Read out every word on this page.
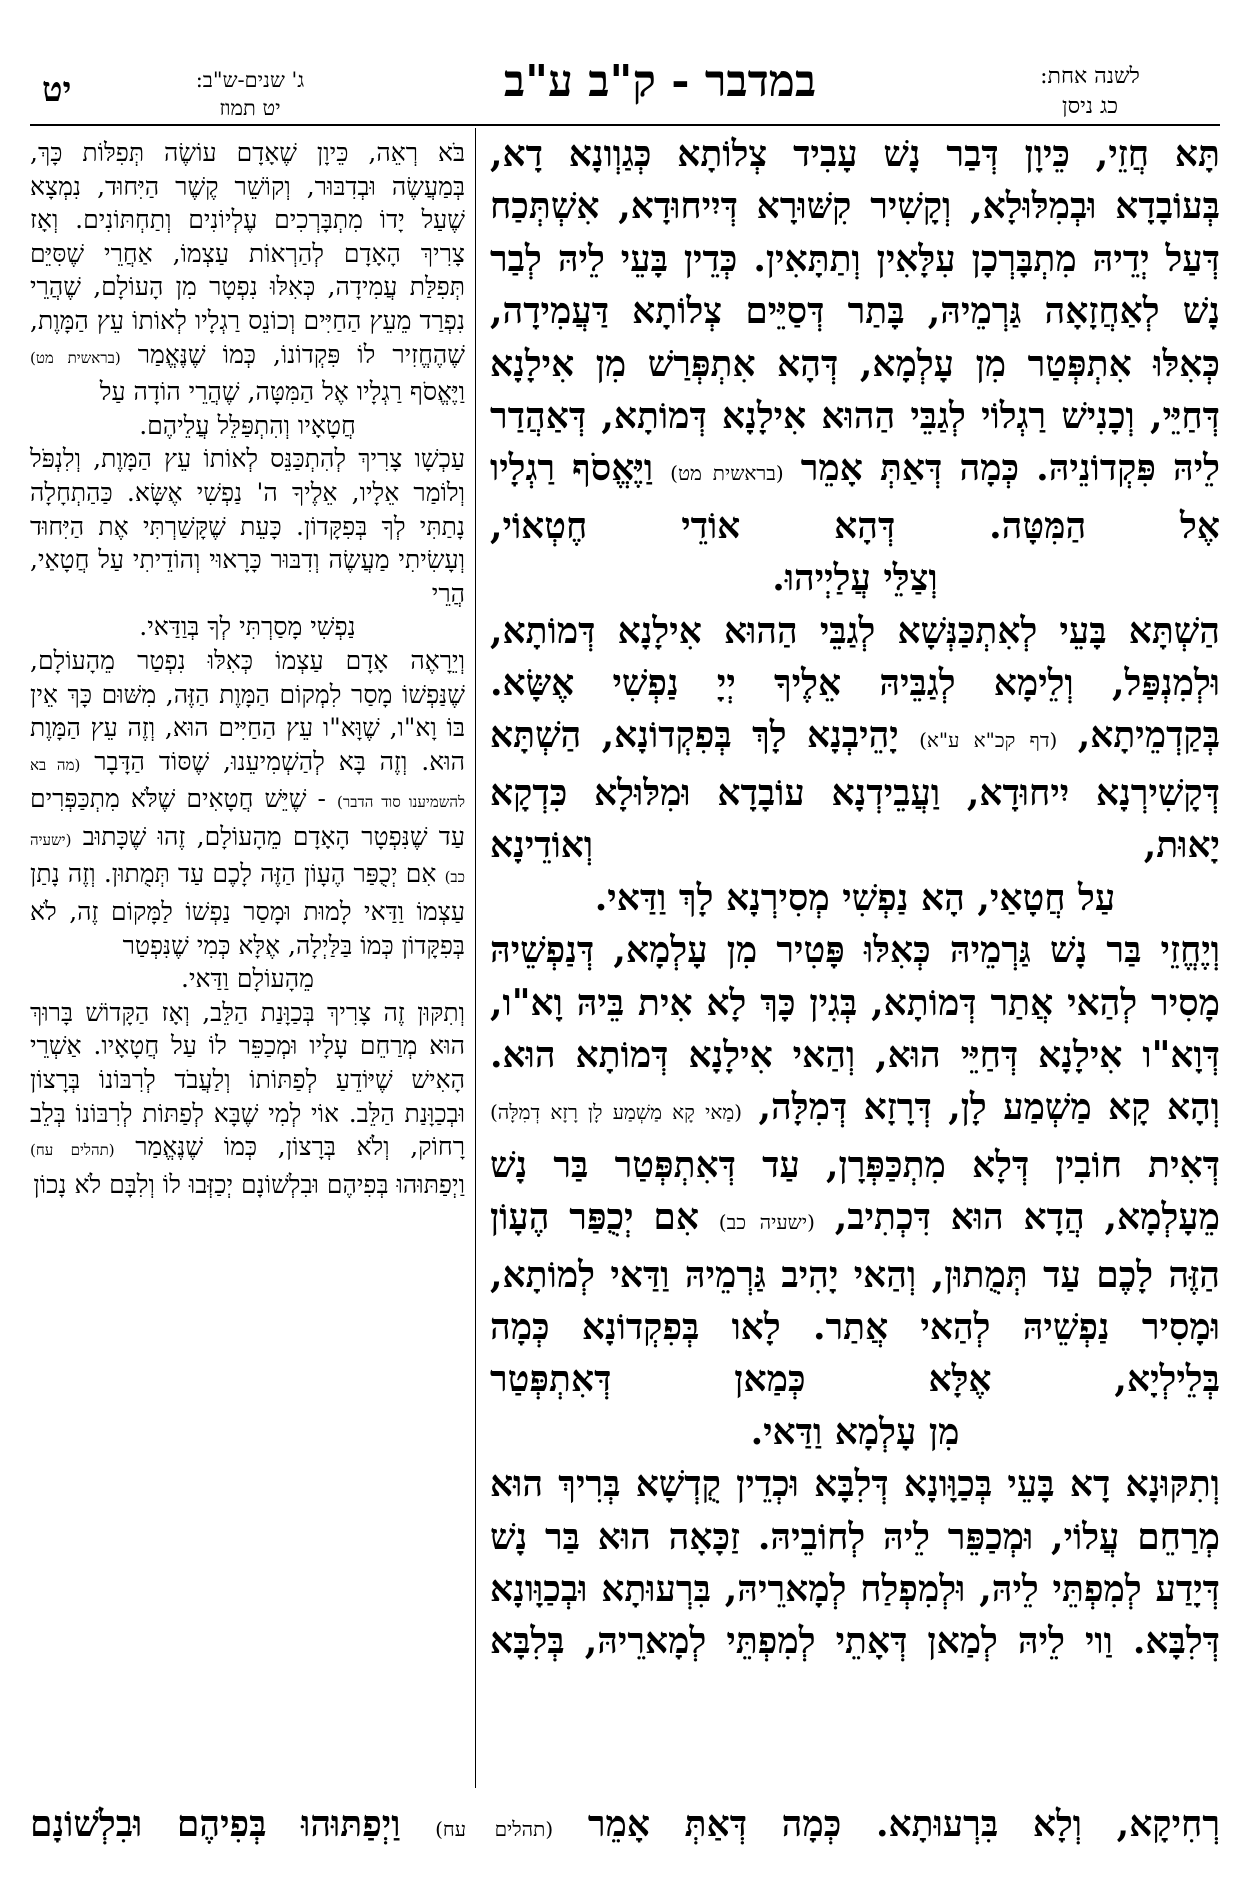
יט	ג' שנים-ש"ב:
יט תמוז
במדבר - ק"ב ע"ב	לשנה אחת:
כג ניסן

תָּא חֲזֵי, כֵּיוָן דְּבַר נָשׁ עָבִיד צְלוֹתָא כְּגַוְונָא דָא, בְּעוֹבָדָא וּבְמִלּוּלָא, וְקָשִׁיר קִשּׁוּרָא דְּיִיחוּדָא, אִשְׁתְּכַח דְּעַל יְדֵיהּ מִתְבָּרְכָן עִלָּאִין וְתַתָּאִין. כְּדֵין בָּעֵי לֵיהּ לְבַר נָשׁ לְאַחֲזָאָה גַּרְמֵיהּ, בָּתַר דְּסַיֵּים צְלוֹתָא דַּעֲמִידָה, כְּאִלּוּ אִתְפְּטַר מִן עָלְמָא, דְּהָא אִתְפְּרַשׁ מִן אִילָנָא דְּחַיֵּי, וְכָנִישׁ רַגְלוֹי לְגַבֵּי הַהוּא אִילָנָא דְּמוֹתָא, דְּאַהֲדַר לֵיהּ פִּקְדוֹנֵיהּ. כְּמָה דְּאַתְּ אָמֵר (בראשית מט) וַיֶּאֱסֹף רַגְלָיו אֶל הַמִּטָּה. דְּהָא אוֹדֵי חֶטְאוֹי,

וְצַלֵּי עֲלַיְיהוּ.

הַשְׁתָּא בָּעֵי לְאִתְכַּנְּשָׁא לְגַבֵּי הַהוּא אִילָנָא דְּמוֹתָא, וּלְמִנְפַּל, וְלֵימָא לְגַבֵּיהּ אֵלֶיךָ יְיָ נַפְשִׁי אֶשָּׂא. בְּקַדְמֵיתָא, (דף קכ"א ע"א) יָהֵיבְנָא לָךְ בְּפִקְדוֹנָא, הַשְׁתָּא דְּקָשִׁירְנָא יִיחוּדָא, וַעֲבֵידְנָא עוֹבָדָא וּמִלּוּלָא כִּדְקָא יָאוּת, וְאוֹדֵינָא

עַל חֲטָאַי, הָא נַפְשִׁי מְסִירְנָא לָךְ וַדַּאי.

וְיֶחֱזֵי בַּר נָשׁ גַּרְמֵיהּ כְּאִלּוּ פָּטִיר מִן עָלְמָא, דְּנַפְשֵׁיהּ מָסִיר לְהַאי אֲתַר דְּמוֹתָא, בְּגִין כָּךְ לָא אִית בֵּיהּ וָא"ו, דְּוָא"ו אִילָנָא דְּחַיֵּי הוּא, וְהַאי אִילָנָא דְּמוֹתָא הוּא. וְהָא קָא מַשְׁמַע לָן, דְּרָזָא דְּמִלָּה, (מַאי קָא מַשְׁמַע לָן רָזָא דְמִלָּה) דְּאִית חוֹבִין דְּלָא מִתְכַּפְּרָן, עַד דְּאִתְפְּטַר בַּר נָשׁ מֵעָלְמָא, הֲדָא הוּא דִּכְתִיב, (ישעיה כב) אִם יְכֻפַּר הֶעָוֹן הַזֶּה לָכֶם עַד תְּמֻתוּן, וְהַאי יָהִיב גַּרְמֵיהּ וַדַּאי לְמוֹתָא, וּמָסִיר נַפְשֵׁיהּ לְהַאי אֲתַר. לָאו בְּפִקְדוֹנָא כְּמָה בְּלֵילְיָא, אֶלָּא כְּמַאן דְּאִתְפְּטַר

מִן עָלְמָא וַדַּאי.

וְתִקּוּנָא דָא בָּעֵי בְּכַוָּונָא דְּלִבָּא וּכְדֵין קֻדְשָׁא בְּרִיךְ הוּא מְרַחֵם עֲלוֹי, וּמְכַפֵּר לֵיהּ לְחוֹבֵיהּ. זַכָּאָה הוּא בַּר נָשׁ דְּיָדַע לְמִפְתֵּי לֵיהּ, וּלְמִפְלַח לְמָארֵיהּ, בִּרְעוּתָא וּבְכַוָּונָא דְּלִבָּא. וַוי לֵיהּ לְמַאן דְּאָתֵי לְמִפְתֵּי לְמָארֵיהּ, בְּלִבָּא

בֹּא רְאֵה, כֵּיוָן שֶׁאָדָם עוֹשֶׂה תְּפִלּוֹת כָּךְ, בְּמַעֲשֶׂה וּבְדִבּוּר, וְקוֹשֵׁר קֶשֶׁר הַיִּחוּד, נִמְצָא שֶׁעַל יָדוֹ מִתְבָּרְכִים עֶלְיוֹנִים וְתַחְתּוֹנִים. וְאָז צָרִיךְ הָאָדָם לְהַרְאוֹת עַצְמוֹ, אַחֲרֵי שֶׁסִּיֵּם תְּפִלַּת עֲמִידָה, כְּאִלּוּ נִפְטָר מִן הָעוֹלָם, שֶׁהֲרֵי נִפְרַד מֵעֵץ הַחַיִּים וְכוֹנֵס רַגְלָיו לְאוֹתוֹ עֵץ הַמָּוֶת, שֶׁהֶחֱזִיר לוֹ פִּקְדוֹנוֹ, כְּמוֹ שֶׁנֶּאֱמַר (בראשית מט) וַיֶּאֱסֹף רַגְלָיו אֶל הַמִּטָּה, שֶׁהֲרֵי הוֹדָה עַל

חֲטָאָיו וְהִתְפַּלֵּל עֲלֵיהֶם.

עַכְשָׁו צָרִיךְ לְהִתְכַּנֵּס לְאוֹתוֹ עֵץ הַמָּוֶת, וְלִנְפֹּל וְלוֹמַר אֵלָיו, אֵלֶיךָ ה' נַפְשִׁי אֶשָּׂא. כַּהַתְחָלָה נָתַתִּי לְךָ בְּפִקָּדוֹן. כָּעֵת שֶׁקָּשַׁרְתִּי אֶת הַיִּחוּד וְעָשִׂיתִי מַעֲשֶׂה וְדִבּוּר כָּרָאוּי וְהוֹדֵיתִי עַל חֲטָאַי, הֲרֵי

נַפְשִׁי מָסַרְתִּי לְךָ בְּוַדַּאי.

וְיֵרָאֶה אָדָם עַצְמוֹ כְּאִלּוּ נִפְטַר מֵהָעוֹלָם, שֶׁנַּפְשׁוֹ מָסַר לִמְקוֹם הַמָּוֶת הַזֶּה, מִשּׁוּם כָּךְ אֵין בּוֹ וָא"ו, שֶׁוָּא"ו עֵץ הַחַיִּים הוּא, וְזֶה עֵץ הַמָּוֶת הוּא. וְזֶה בָּא לְהַשְׁמִיעֵנוּ, שֶׁסּוֹד הַדָּבָר (מה בא להשמיענו סוד הדבר) - שֶׁיֵּשׁ חֲטָאִים שֶׁלֹּא מִתְכַּפְּרִים עַד שֶׁנִּפְטָר הָאָדָם מֵהָעוֹלָם, זֶהוּ שֶׁכָּתוּב (ישעיה כב) אִם יְכֻפַּר הֶעָוֹן הַזֶּה לָכֶם עַד תְּמֻתוּן. וְזֶה נָתַן עַצְמוֹ וַדַּאי לָמוּת וּמָסַר נַפְשׁוֹ לַמָּקוֹם זֶה, לֹא בְּפִקָּדוֹן כְּמוֹ בַּלַּיְלָה, אֶלָּא כְּמִי שֶׁנִּפְטַר

מֵהָעוֹלָם וַדַּאי.

וְתִקּוּן זֶה צָרִיךְ בְּכַוָּנַת הַלֵּב, וְאָז הַקָּדוֹשׁ בָּרוּךְ הוּא מְרַחֵם עָלָיו וּמְכַפֵּר לוֹ עַל חֲטָאָיו. אַשְׁרֵי הָאִישׁ שֶׁיּוֹדֵעַ לְפַתּוֹתוֹ וְלַעֲבֹד לְרִבּוֹנוֹ בְּרָצוֹן וּבְכַוָּנַת הַלֵּב. אוֹי לְמִי שֶׁבָּא לְפַתּוֹת לְרִבּוֹנוֹ בְּלֵב רָחוֹק, וְלֹא בְּרָצוֹן, כְּמוֹ שֶׁנֶּאֱמַר (תהלים עח) וַיְפַתּוּהוּ בְּפִיהֶם וּבִלְשׁוֹנָם יְכַזְּבוּ לוֹ וְלִבָּם לֹא נָכוֹן

רְחִיקָא, וְלָא בִּרְעוּתָא. כְּמָה דְּאַתְּ אָמֵר (תהלים עח) וַיְפַתּוּהוּ בְּפִיהֶם וּבִלְשׁוֹנָם
